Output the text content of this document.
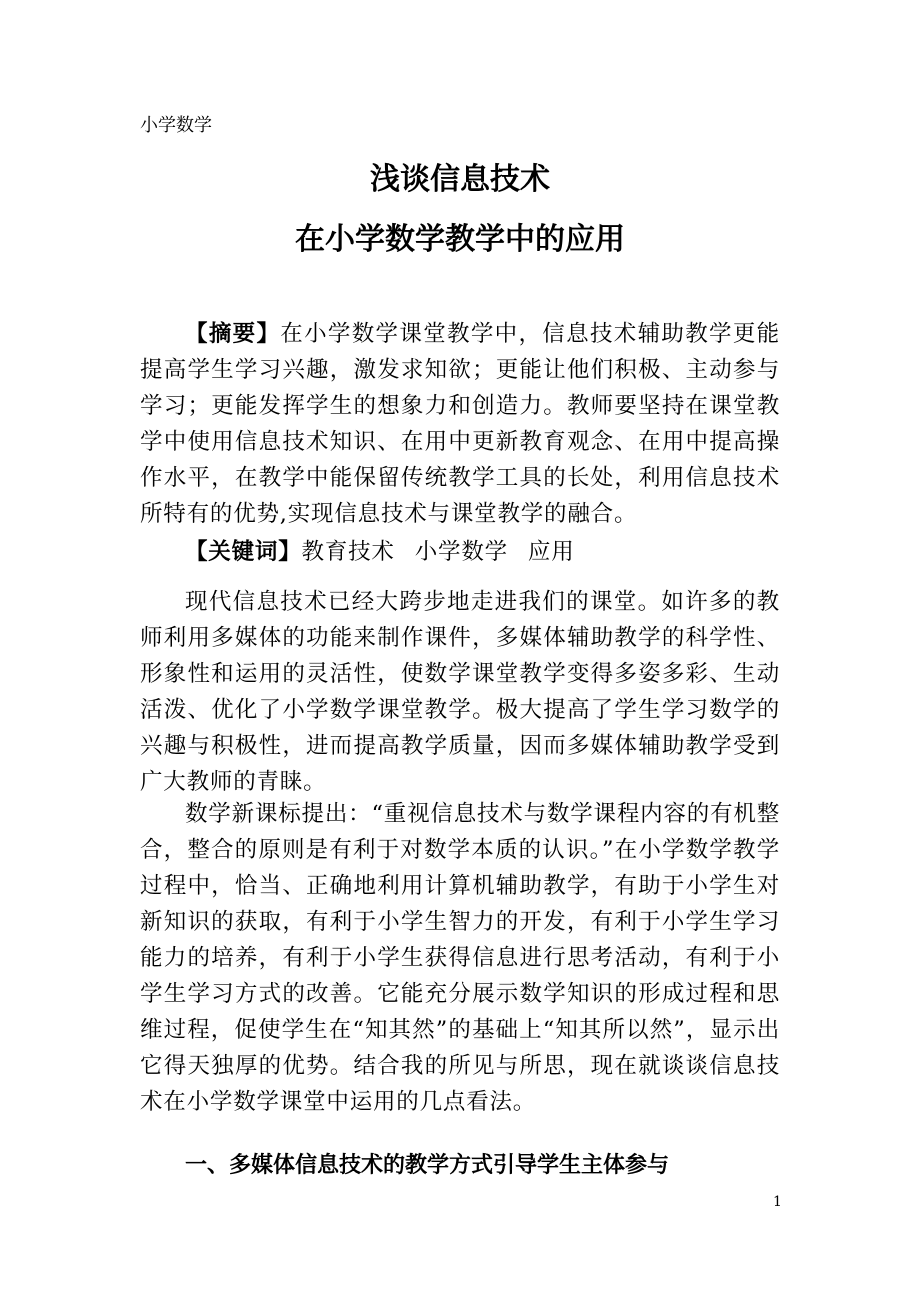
小学数学
浅谈信息技术
在小学数学教学中的应用

【摘要】在小学数学课堂教学中，信息技术辅助教学更能提高学生学习兴趣，激发求知欲；更能让他们积极、主动参与学习；更能发挥学生的想象力和创造力。教师要坚持在课堂教学中使用信息技术知识、在用中更新教育观念、在用中提高操作水平，在教学中能保留传统教学工具的长处，利用信息技术所特有的优势,实现信息技术与课堂教学的融合。

【关键词】教育技术 小学数学 应用

现代信息技术已经大跨步地走进我们的课堂。如许多的教师利用多媒体的功能来制作课件，多媒体辅助教学的科学性、形象性和运用的灵活性，使数学课堂教学变得多姿多彩、生动活泼、优化了小学数学课堂教学。极大提高了学生学习数学的兴趣与积极性，进而提高教学质量，因而多媒体辅助教学受到广大教师的青睐。

数学新课标提出：“重视信息技术与数学课程内容的有机整合，整合的原则是有利于对数学本质的认识。”在小学数学教学过程中，恰当、正确地利用计算机辅助教学，有助于小学生对新知识的获取，有利于小学生智力的开发，有利于小学生学习能力的培养，有利于小学生获得信息进行思考活动，有利于小学生学习方式的改善。它能充分展示数学知识的形成过程和思维过程，促使学生在“知其然”的基础上“知其所以然”，显示出它得天独厚的优势。结合我的所见与所思，现在就谈谈信息技术在小学数学课堂中运用的几点看法。

一、多媒体信息技术的教学方式引导学生主体参与
1
